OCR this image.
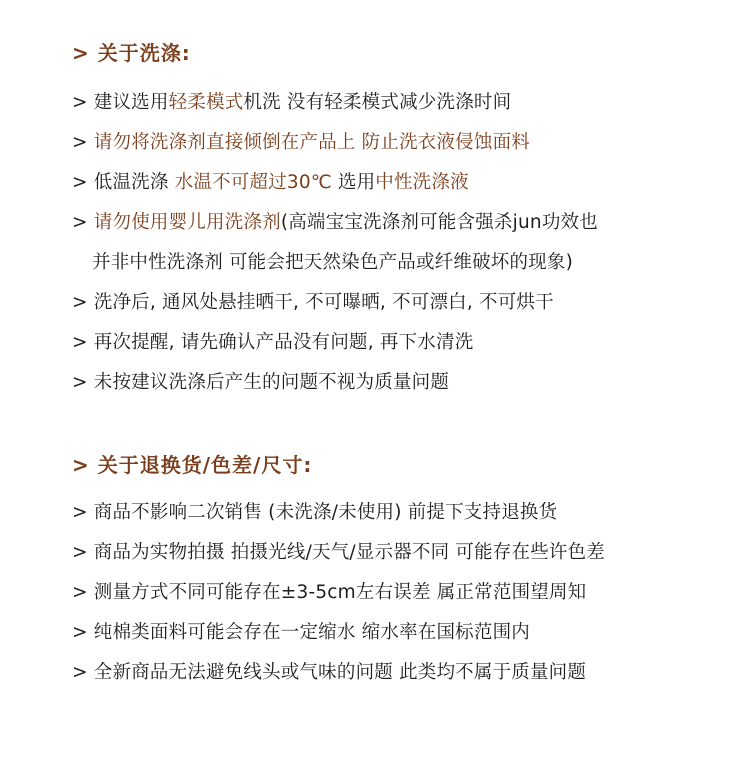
> 关于洗涤:
> 建议选用轻柔模式机洗 没有轻柔模式减少洗涤时间
> 请勿将洗涤剂直接倾倒在产品上 防止洗衣液侵蚀面料
> 低温洗涤 水温不可超过30℃ 选用中性洗涤液
> 请勿使用婴儿用洗涤剂(高端宝宝洗涤剂可能含强杀jun功效也
并非中性洗涤剂 可能会把天然染色产品或纤维破坏的现象)
> 洗净后, 通风处悬挂晒干, 不可曝晒, 不可漂白, 不可烘干
> 再次提醒, 请先确认产品没有问题, 再下水清洗
> 未按建议洗涤后产生的问题不视为质量问题
> 关于退换货/色差/尺寸:
> 商品不影响二次销售 (未洗涤/未使用) 前提下支持退换货
> 商品为实物拍摄 拍摄光线/天气/显示器不同 可能存在些许色差
> 测量方式不同可能存在±3-5cm左右误差 属正常范围望周知
> 纯棉类面料可能会存在一定缩水 缩水率在国标范围内
> 全新商品无法避免线头或气味的问题 此类均不属于质量问题
